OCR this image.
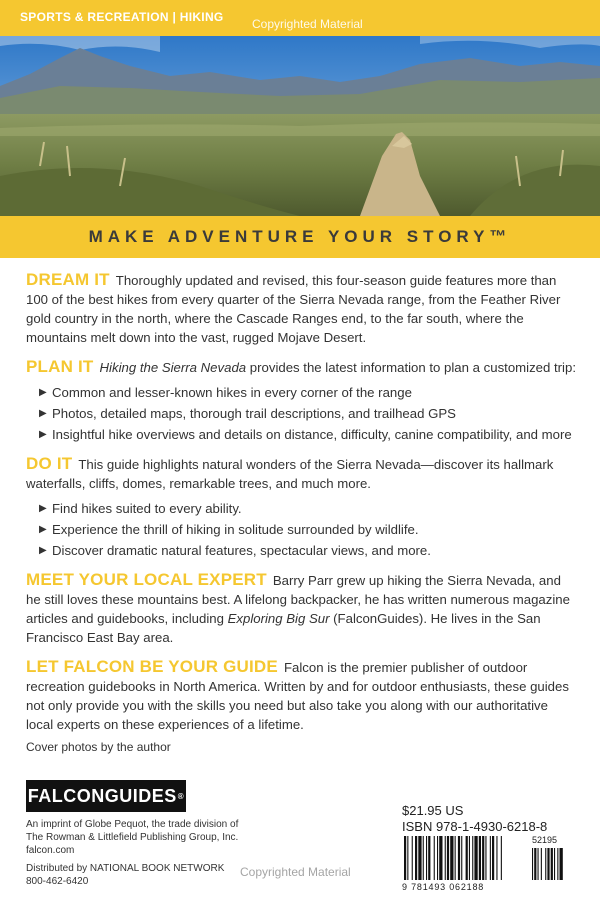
SPORTS & RECREATION | HIKING Copyrighted Material
MAKE ADVENTURE YOUR STORY™

DREAM IT Thoroughly updated and revised, this four-season guide features more than 100 of the best hikes from every quarter of the Sierra Nevada range, from the Feather River gold country in the north, where the Cascade Ranges end, to the far south, where the mountains melt down into the vast, rugged Mojave Desert.

PLAN IT Hiking the Sierra Nevada provides the latest information to plan a customized trip:

▶ Common and lesser-known hikes in every corner of the range
▶ Photos, detailed maps, thorough trail descriptions, and trailhead GPS
▶ Insightful hike overviews and details on distance, difficulty, canine compatibility, and more

DO IT This guide highlights natural wonders of the Sierra Nevada—discover its hallmark waterfalls, cliffs, domes, remarkable trees, and much more.

▶ Find hikes suited to every ability.
▶ Experience the thrill of hiking in solitude surrounded by wildlife.
▶ Discover dramatic natural features, spectacular views, and more.

MEET YOUR LOCAL EXPERT Barry Parr grew up hiking the Sierra Nevada, and he still loves these mountains best. A lifelong backpacker, he has written numerous magazine articles and guidebooks, including Exploring Big Sur (FalconGuides). He lives in the San Francisco East Bay area.

LET FALCON BE YOUR GUIDE Falcon is the premier publisher of outdoor recreation guidebooks in North America. Written by and for outdoor enthusiasts, these guides not only provide you with the skills you need but also take you along with our authoritative local experts on these experiences of a lifetime.

Cover photos by the author
FALCONGUIDES ®

An imprint of Globe Pequot, the trade division of

The Rowman & Littlefield Publishing Group, Inc.

falcon.com

Distributed by NATIONAL BOOK NETWORK

800-462-6420

$21.95 US
ISBN 978-1-4930-6218-8
9 781493 062188
52195
Copyrighted Material
